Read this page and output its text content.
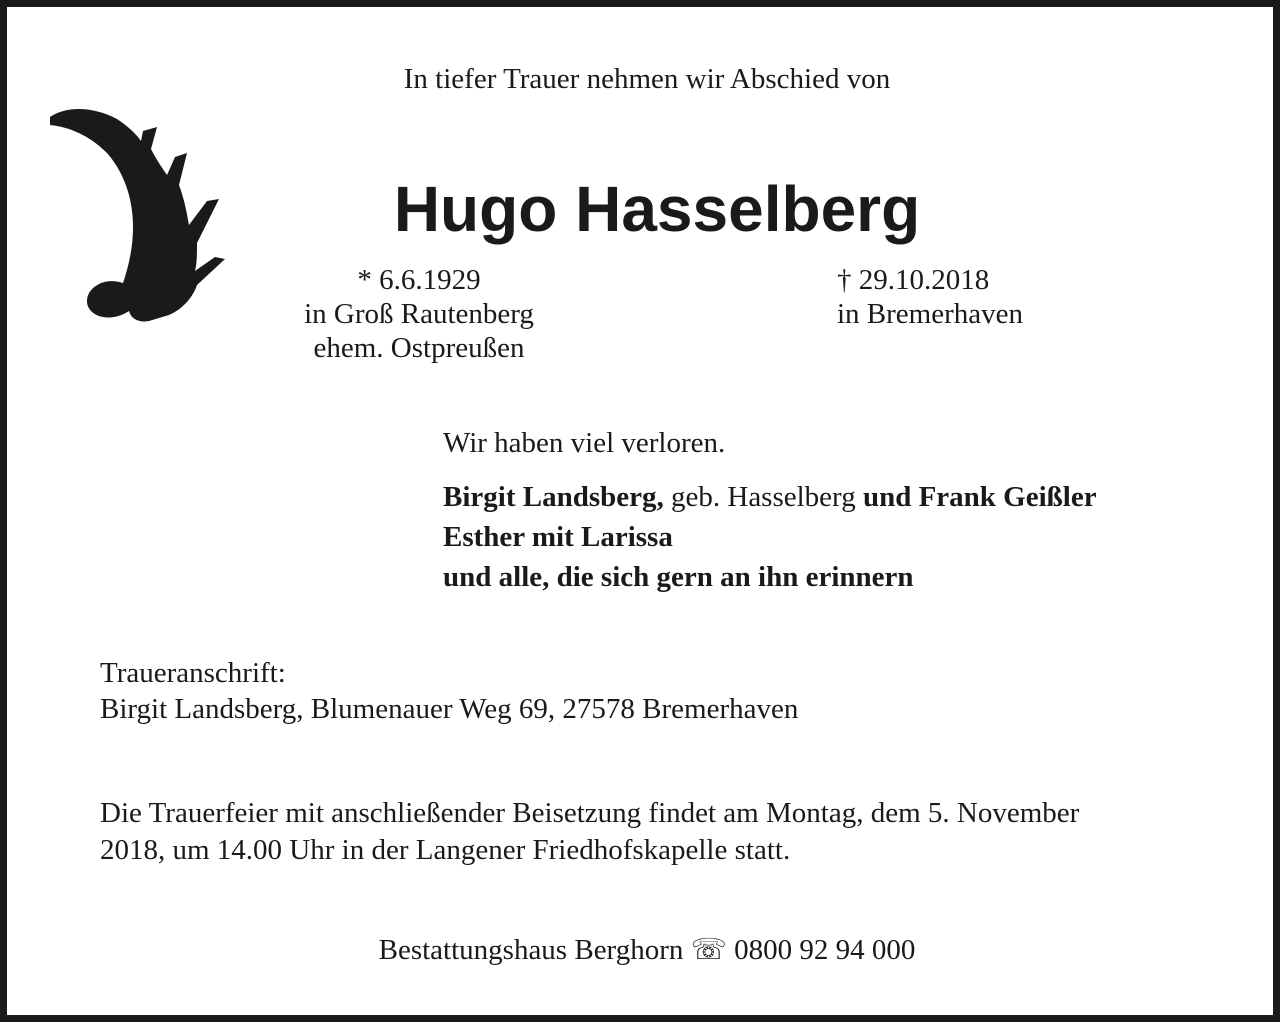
In tiefer Trauer nehmen wir Abschied von
Hugo Hasselberg
* 6.6.1929
in Groß Rautenberg
ehem. Ostpreußen
† 29.10.2018
in Bremerhaven
Wir haben viel verloren.
Birgit Landsberg, geb. Hasselberg und Frank Geißler
Esther mit Larissa
und alle, die sich gern an ihn erinnern
Traueranschrift:
Birgit Landsberg, Blumenauer Weg 69, 27578 Bremerhaven
Die Trauerfeier mit anschließender Beisetzung findet am Montag, dem 5. November
2018, um 14.00 Uhr in der Langener Friedhofskapelle statt.
Bestattungshaus Berghorn ☏ 0800 92 94 000
